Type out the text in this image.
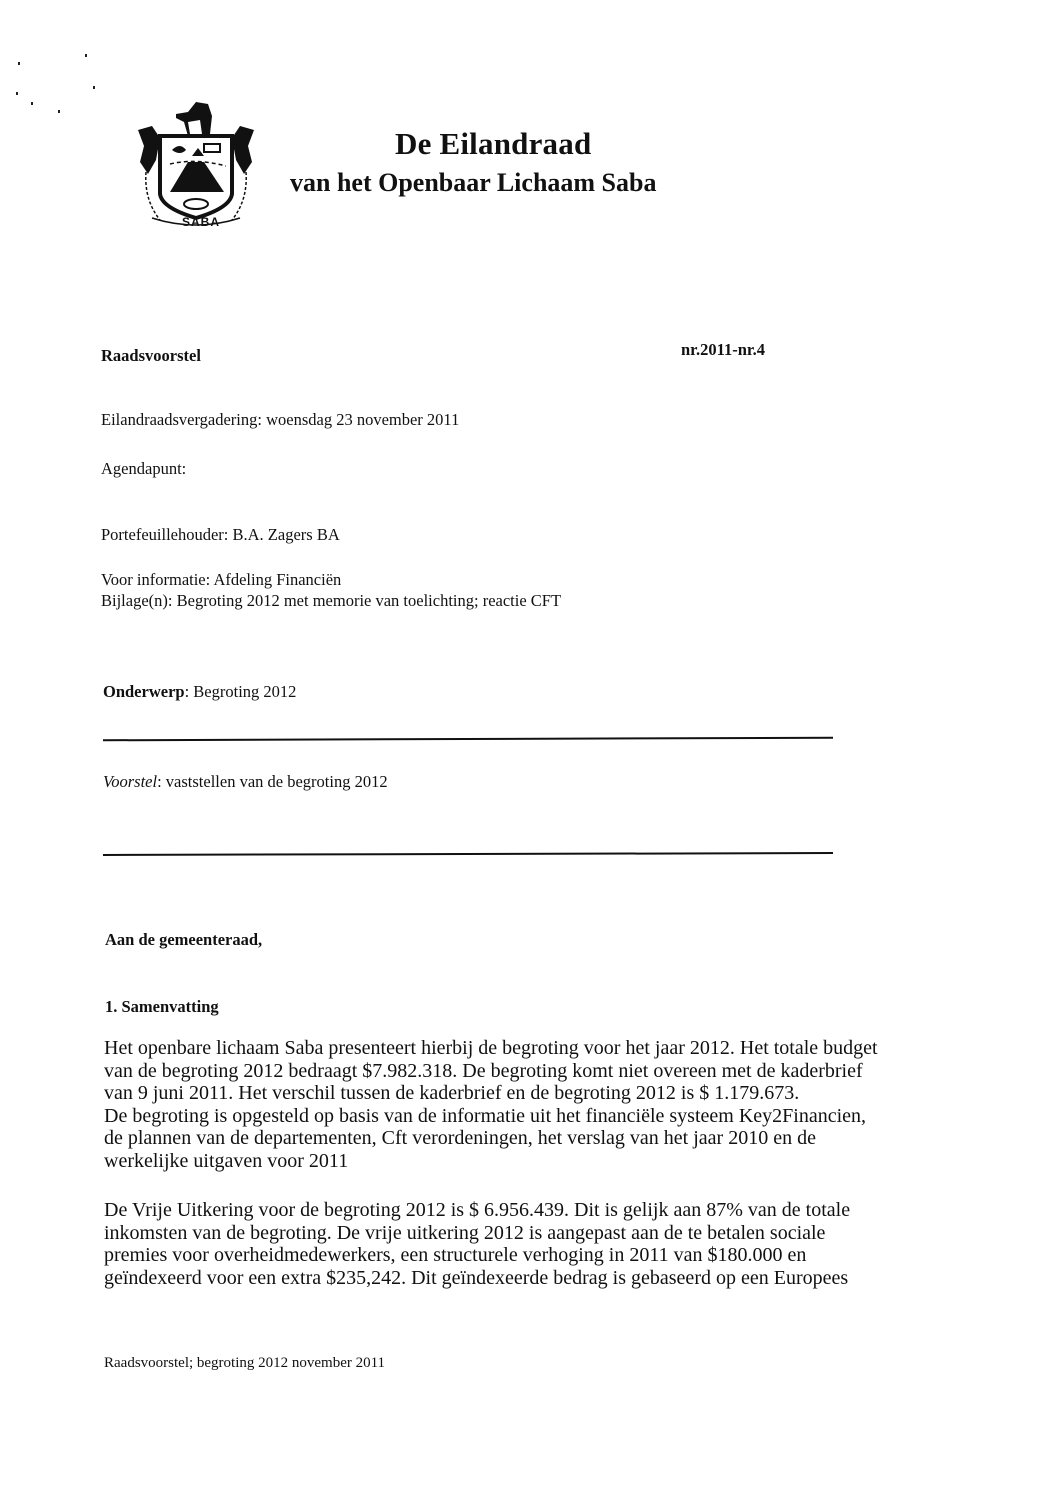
SABA
De Eilandraad
van het Openbaar Lichaam Saba
Raadsvoorstel	nr.2011-nr.4
Eilandraadsvergadering: woensdag 23 november 2011
Agendapunt:
Portefeuillehouder: B.A. Zagers BA
Voor informatie: Afdeling Financiën
Bijlage(n): Begroting 2012 met memorie van toelichting; reactie CFT
Onderwerp: Begroting 2012
Voorstel: vaststellen van de begroting 2012
Aan de gemeenteraad,
1. Samenvatting
Het openbare lichaam Saba presenteert hierbij de begroting voor het jaar 2012. Het totale budget
van de begroting 2012 bedraagt $7.982.318. De begroting komt niet overeen met de kaderbrief
van 9 juni 2011. Het verschil tussen de kaderbrief en de begroting 2012 is $ 1.179.673.
De begroting is opgesteld op basis van de informatie uit het financiële systeem Key2Financien,
de plannen van de departementen, Cft verordeningen, het verslag van het jaar 2010 en de
werkelijke uitgaven voor 2011
De Vrije Uitkering voor de begroting 2012 is $ 6.956.439. Dit is gelijk aan 87% van de totale
inkomsten van de begroting. De vrije uitkering 2012 is aangepast aan de te betalen sociale
premies voor overheidmedewerkers, een structurele verhoging in 2011 van $180.000 en
geïndexeerd voor een extra $235,242. Dit geïndexeerde bedrag is gebaseerd op een Europees
Raadsvoorstel; begroting 2012 november 2011
